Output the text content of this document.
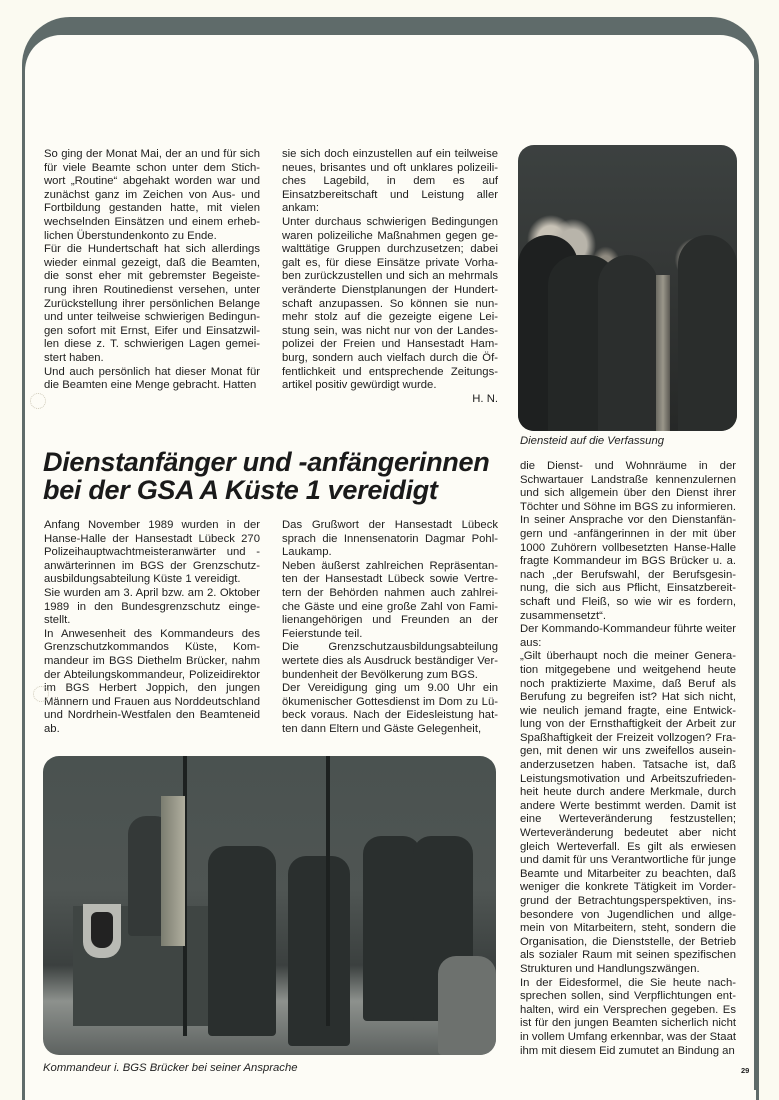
So ging der Monat Mai, der an und für sich für viele Beamte schon unter dem Stichwort „Routine“ abgehakt worden war und zunächst ganz im Zeichen von Aus- und Fortbildung gestanden hatte, mit vielen wechselnden Einsätzen und einem erheblichen Überstundenkonto zu Ende.

Für die Hundertschaft hat sich allerdings wieder einmal gezeigt, daß die Beamten, die sonst eher mit gebremster Begeisterung ihren Routinedienst versehen, unter Zurückstellung ihrer persönlichen Belange und unter teilweise schwierigen Bedingungen sofort mit Ernst, Eifer und Einsatzwillen diese z. T. schwierigen Lagen gemeistert haben.

Und auch persönlich hat dieser Monat für die Beamten eine Menge gebracht. Hatten

sie sich doch einzustellen auf ein teilweise neues, brisantes und oft unklares polizeiliches Lagebild, in dem es auf Einsatzbereitschaft und Leistung aller ankam:

Unter durchaus schwierigen Bedingungen waren polizeiliche Maßnahmen gegen gewalttätige Gruppen durchzusetzen; dabei galt es, für diese Einsätze private Vorhaben zurückzustellen und sich an mehrmals veränderte Dienstplanungen der Hundertschaft anzupassen. So können sie nunmehr stolz auf die gezeigte eigene Leistung sein, was nicht nur von der Landespolizei der Freien und Hansestadt Hamburg, sondern auch vielfach durch die Öffentlichkeit und entsprechende Zeitungsartikel positiv gewürdigt wurde.

H. N.

Diensteid auf die Verfassung
Dienstanfänger und -anfängerinnen
bei der GSA A Küste 1 vereidigt

Anfang November 1989 wurden in der Hanse-Halle der Hansestadt Lübeck 270 Polizeihauptwachtmeisteranwärter und -anwärterinnen im BGS der Grenzschutzausbildungsabteilung Küste 1 vereidigt.

Sie wurden am 3. April bzw. am 2. Oktober 1989 in den Bundesgrenzschutz eingestellt.

In Anwesenheit des Kommandeurs des Grenzschutzkommandos Küste, Kommandeur im BGS Diethelm Brücker, nahm der Abteilungskommandeur, Polizeidirektor im BGS Herbert Joppich, den jungen Männern und Frauen aus Norddeutschland und Nordrhein-Westfalen den Beamteneid ab.

Das Grußwort der Hansestadt Lübeck sprach die Innensenatorin Dagmar Pohl-Laukamp.

Neben äußerst zahlreichen Repräsentanten der Hansestadt Lübeck sowie Vertretern der Behörden nahmen auch zahlreiche Gäste und eine große Zahl von Familienangehörigen und Freunden an der Feierstunde teil.

Die Grenzschutzausbildungsabteilung wertete dies als Ausdruck beständiger Verbundenheit der Bevölkerung zum BGS.

Der Vereidigung ging um 9.00 Uhr ein ökumenischer Gottesdienst im Dom zu Lübeck voraus. Nach der Eidesleistung hatten dann Eltern und Gäste Gelegenheit,

die Dienst- und Wohnräume in der Schwartauer Landstraße kennenzulernen und sich allgemein über den Dienst ihrer Töchter und Söhne im BGS zu informieren.

In seiner Ansprache vor den Dienstanfängern und -anfängerinnen in der mit über 1000 Zuhörern vollbesetzten Hanse-Halle fragte Kommandeur im BGS Brücker u. a. nach „der Berufswahl, der Berufsgesinnung, die sich aus Pflicht, Einsatzbereitschaft und Fleiß, so wie wir es fordern, zusammensetzt“.

Der Kommando-Kommandeur führte weiter aus:

„Gilt überhaupt noch die meiner Generation mitgegebene und weitgehend heute noch praktizierte Maxime, daß Beruf als Berufung zu begreifen ist? Hat sich nicht, wie neulich jemand fragte, eine Entwicklung von der Ernsthaftigkeit der Arbeit zur Spaßhaftigkeit der Freizeit vollzogen? Fragen, mit denen wir uns zweifellos auseinanderzusetzen haben. Tatsache ist, daß Leistungsmotivation und Arbeitszufriedenheit heute durch andere Merkmale, durch andere Werte bestimmt werden. Damit ist eine Werteveränderung festzustellen; Werteveränderung bedeutet aber nicht gleich Werteverfall. Es gilt als erwiesen und damit für uns Verantwortliche für junge Beamte und Mitarbeiter zu beachten, daß weniger die konkrete Tätigkeit im Vordergrund der Betrachtungsperspektiven, insbesondere von Jugendlichen und allgemein von Mitarbeitern, steht, sondern die Organisation, die Dienststelle, der Betrieb als sozialer Raum mit seinen spezifischen Strukturen und Handlungszwängen.

In der Eidesformel, die Sie heute nachsprechen sollen, sind Verpflichtungen enthalten, wird ein Versprechen gegeben. Es ist für den jungen Beamten sicherlich nicht in vollem Umfang erkennbar, was der Staat ihm mit diesem Eid zumutet an Bindung an

Kommandeur i. BGS Brücker bei seiner Ansprache	29
